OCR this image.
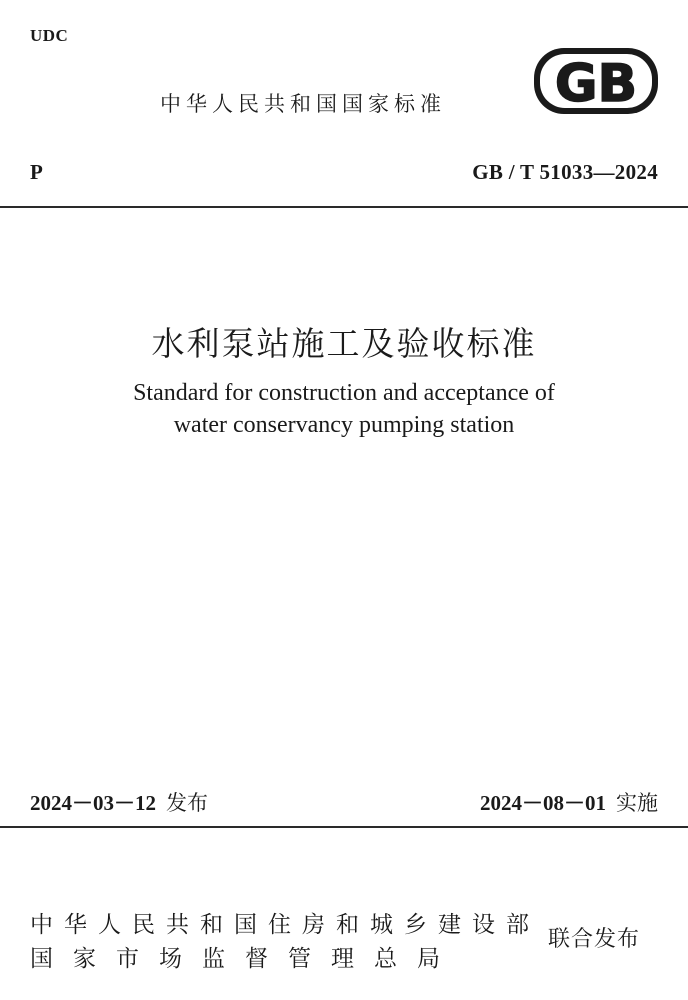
UDC
中华人民共和国国家标准 GB
P	GB / T 51033—2024
水利泵站施工及验收标准
Standard for construction and acceptance of
water conservancy pumping station
2024－03－12 发布	2024－08－01 实施
中华人民共和国住房和城乡建设部
国家市场监督管理总局
联合发布
